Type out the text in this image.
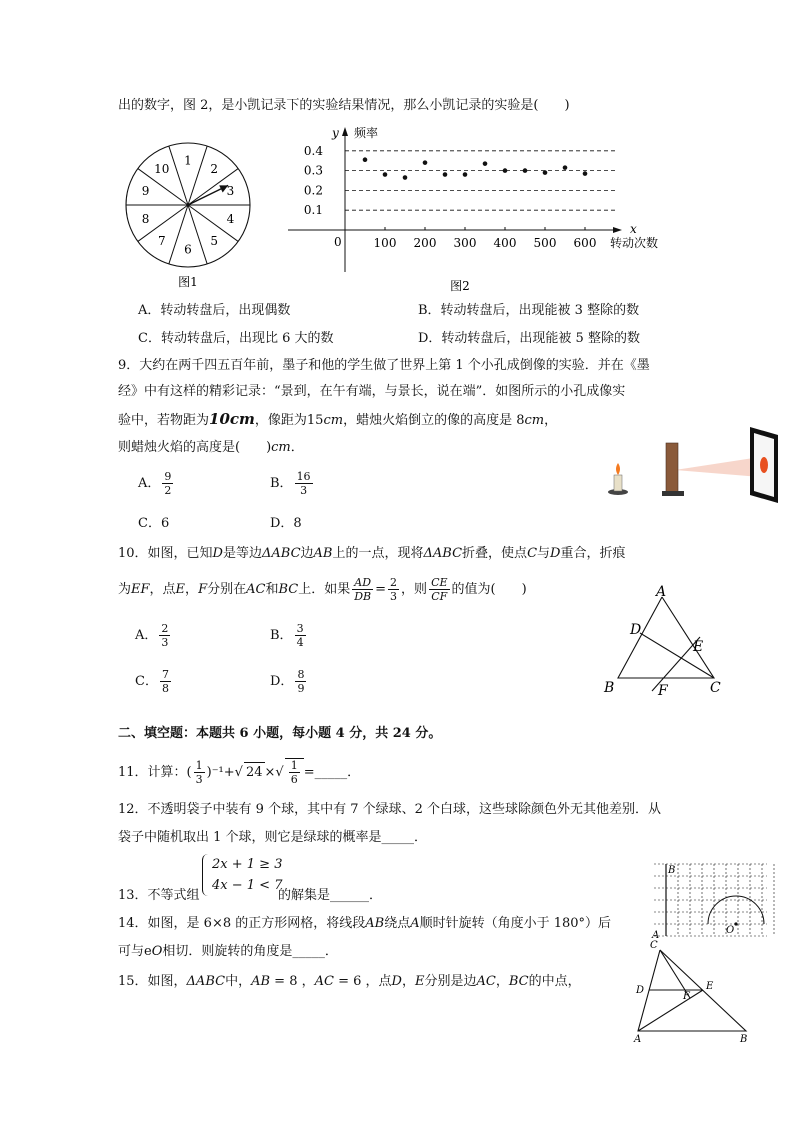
出的数字，图 2，是小凯记录下的实验结果情况，那么小凯记录的实验是(　　)
1
2
3
4
5
6
7
8
9
10
图1
y 频率
x
转动次数
0
0.1
0.2
0.3
0.4
100 200 300 400 500 600
图2
A．转动转盘后，出现偶数	B．转动转盘后，出现能被 3 整除的数
C．转动转盘后，出现比 6 大的数	D．转动转盘后，出现能被 5 整除的数
9．大约在两千四五百年前，墨子和他的学生做了世界上第 1 个小孔成倒像的实验．并在《墨
经》中有这样的精彩记录：“景到，在午有端，与景长，说在端”．如图所示的小孔成像实
验中，若物距为10cm，像距为15cm，蜡烛火焰倒立的像的高度是 8cm，
则蜡烛火焰的高度是(　　)cm．
A． $\frac{9}{2}$	B． $\frac{16}{3}$
C．6	D．8
10．如图，已知D是等边ΔABC边AB上的一点，现将ΔABC折叠，使点C与D重合，折痕
为EF，点E，F分别在AC和BC上．如果 $\frac{AD}{DB} = \frac{2}{3}$ ，则 $\frac{CE}{CF}$ 的值为(　　)
A． $\frac{2}{3}$	B． $\frac{3}{4}$
C． $\frac{7}{8}$	D． $\frac{8}{9}$
A
B	C
D
E
F
二、填空题：本题共 6 小题，每小题 4 分，共 24 分。
11．计算：( $\frac{1}{3} )^{-1}+√$ 24 ×√ $\frac{1}{6}$ =_____．
12．不透明袋子中装有 9 个球，其中有 7 个绿球、2 个白球，这些球除颜色外无其他差别．从
袋子中随机取出 1 个球，则它是绿球的概率是_____．
2x + 1 ≥ 3
4x − 1 < 7
13．不等式组	的解集是______．
14．如图，是 6×8 的正方形网格，将线段AB绕点A顺时针旋转（角度小于 180°）后
可与eO相切．则旋转的角度是_____．
B
A	O
15．如图，ΔABC中，AB = 8 ，AC = 6 ，点D，E分别是边AC，BC的中点，
C
D	E
F
A	B
